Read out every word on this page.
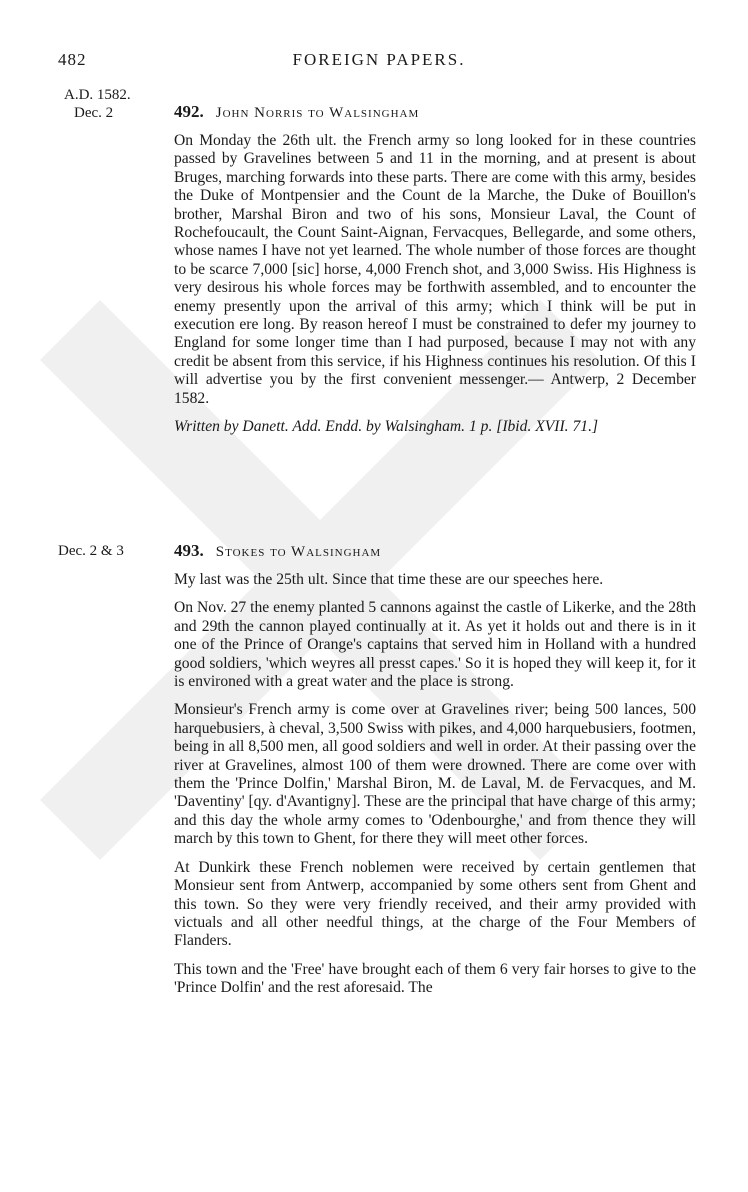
482	FOREIGN PAPERS.
A.D. 1582.
Dec. 2	492. John Norris to Walsingham

On Monday the 26th ult. the French army so long looked for in these countries passed by Gravelines between 5 and 11 in the morning, and at present is about Bruges, marching forwards into these parts. There are come with this army, besides the Duke of Montpensier and the Count de la Marche, the Duke of Bouillon's brother, Marshal Biron and two of his sons, Monsieur Laval, the Count of Rochefoucault, the Count Saint-Aignan, Fervacques, Bellegarde, and some others, whose names I have not yet learned. The whole number of those forces are thought to be scarce 7,000 [sic] horse, 4,000 French shot, and 3,000 Swiss. His Highness is very desirous his whole forces may be forthwith assembled, and to encounter the enemy presently upon the arrival of this army; which I think will be put in execution ere long. By reason hereof I must be constrained to defer my journey to England for some longer time than I had purposed, because I may not with any credit be absent from this service, if his Highness continues his resolution. Of this I will advertise you by the first convenient messenger.— Antwerp, 2 December 1582.

Written by Danett. Add. Endd. by Walsingham. 1 p. [Ibid. XVII. 71.]

Dec. 2 & 3	493. Stokes to Walsingham

My last was the 25th ult. Since that time these are our speeches here.

On Nov. 27 the enemy planted 5 cannons against the castle of Likerke, and the 28th and 29th the cannon played continually at it. As yet it holds out and there is in it one of the Prince of Orange's captains that served him in Holland with a hundred good soldiers, 'which weyres all presst capes.' So it is hoped they will keep it, for it is environed with a great water and the place is strong.

Monsieur's French army is come over at Gravelines river; being 500 lances, 500 harquebusiers, à cheval, 3,500 Swiss with pikes, and 4,000 harquebusiers, footmen, being in all 8,500 men, all good soldiers and well in order. At their passing over the river at Gravelines, almost 100 of them were drowned. There are come over with them the 'Prince Dolfin,' Marshal Biron, M. de Laval, M. de Fervacques, and M. 'Daventiny' [qy. d'Avantigny]. These are the principal that have charge of this army; and this day the whole army comes to 'Odenbourghe,' and from thence they will march by this town to Ghent, for there they will meet other forces.

At Dunkirk these French noblemen were received by certain gentlemen that Monsieur sent from Antwerp, accompanied by some others sent from Ghent and this town. So they were very friendly received, and their army provided with victuals and all other needful things, at the charge of the Four Members of Flanders.

This town and the 'Free' have brought each of them 6 very fair horses to give to the 'Prince Dolfin' and the rest aforesaid. The
